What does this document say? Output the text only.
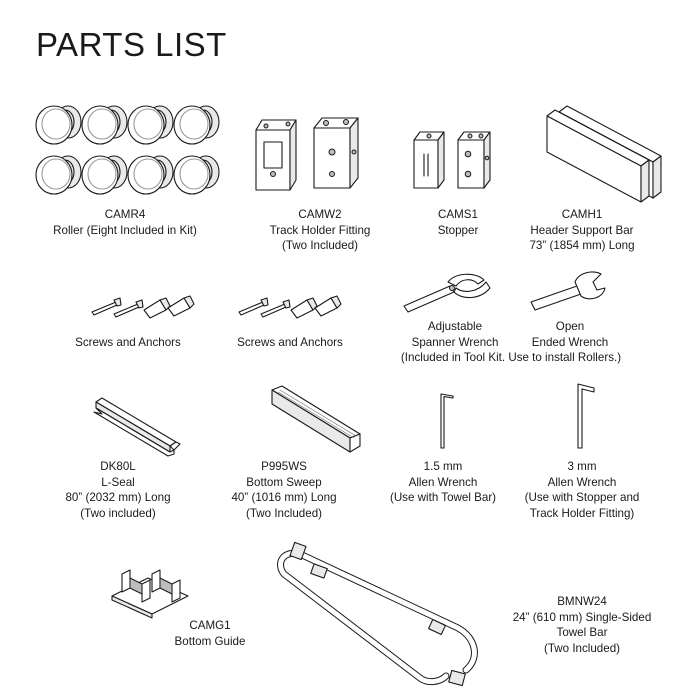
PARTS LIST
CAMR4
Roller (Eight Included in Kit)
CAMW2
Track Holder Fitting
(Two Included)
CAMS1
Stopper
CAMH1
Header Support Bar
73” (1854 mm) Long
Screws and Anchors	Screws and Anchors
Adjustable
Spanner Wrench
Open
Ended Wrench
(Included in Tool Kit. Use to install Rollers.)
DK80L
L-Seal
80” (2032 mm) Long
(Two included)
P995WS
Bottom Sweep
40” (1016 mm) Long
(Two Included)
1.5 mm
Allen Wrench
(Use with Towel Bar)
3 mm
Allen Wrench
(Use with Stopper and
Track Holder Fitting)
CAMG1
Bottom Guide
BMNW24
24” (610 mm) Single-Sided
Towel Bar
(Two Included)
